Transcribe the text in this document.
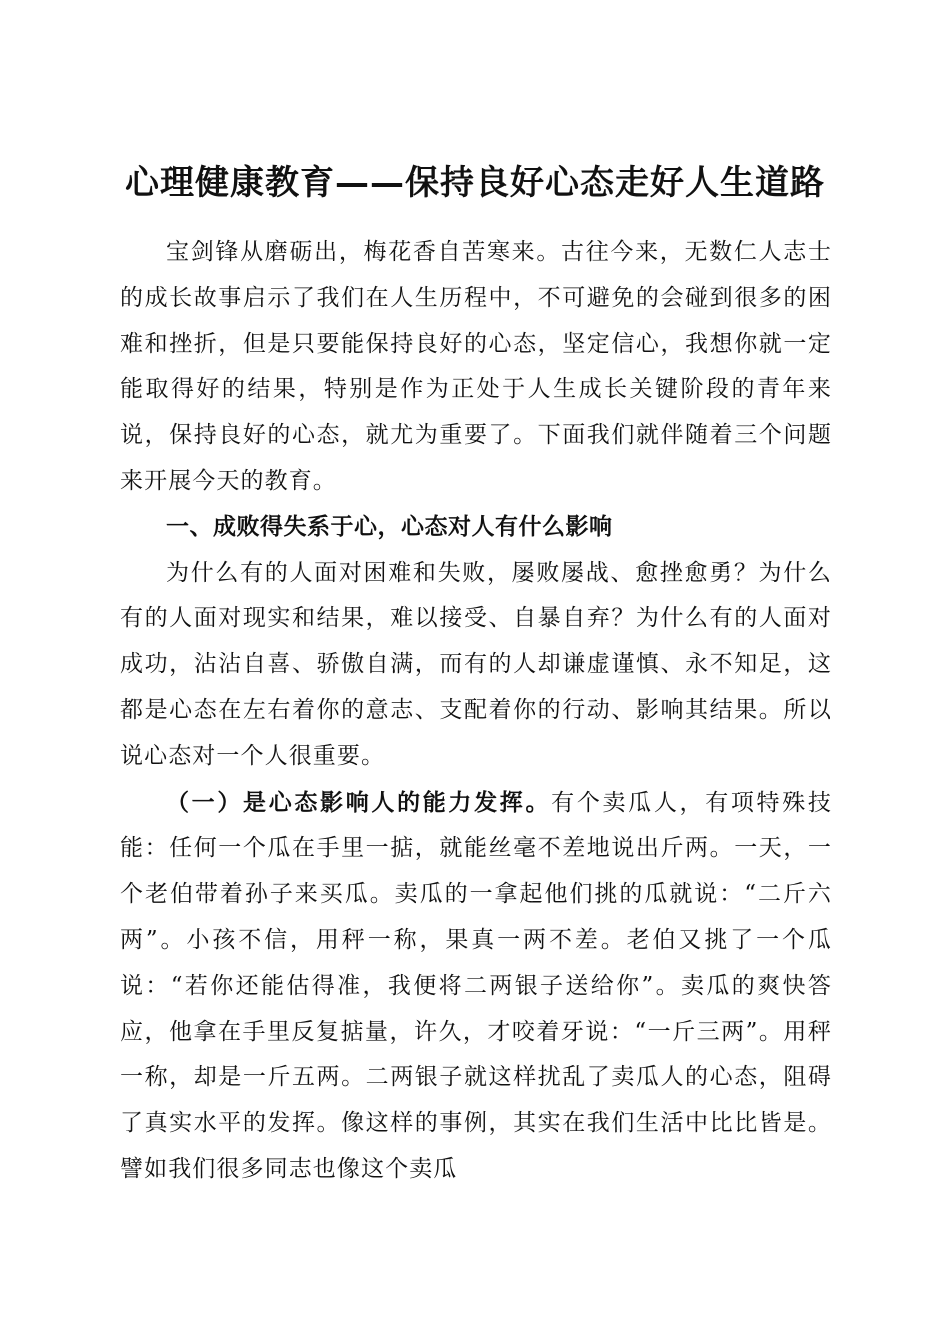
心理健康教育——保持良好心态走好人生道路

宝剑锋从磨砺出，梅花香自苦寒来。古往今来，无数仁人志士的成长故事启示了我们在人生历程中，不可避免的会碰到很多的困难和挫折，但是只要能保持良好的心态，坚定信心，我想你就一定能取得好的结果，特别是作为正处于人生成长关键阶段的青年来说，保持良好的心态，就尤为重要了。下面我们就伴随着三个问题来开展今天的教育。

一、成败得失系于心，心态对人有什么影响

为什么有的人面对困难和失败，屡败屡战、愈挫愈勇？为什么有的人面对现实和结果，难以接受、自暴自弃？为什么有的人面对成功，沾沾自喜、骄傲自满，而有的人却谦虚谨慎、永不知足，这都是心态在左右着你的意志、支配着你的行动、影响其结果。所以说心态对一个人很重要。

（一）是心态影响人的能力发挥。有个卖瓜人，有项特殊技能：任何一个瓜在手里一掂，就能丝毫不差地说出斤两。一天，一个老伯带着孙子来买瓜。卖瓜的一拿起他们挑的瓜就说：“二斤六两”。小孩不信，用秤一称，果真一两不差。老伯又挑了一个瓜说：“若你还能估得准，我便将二两银子送给你”。卖瓜的爽快答应，他拿在手里反复掂量，许久，才咬着牙说：“一斤三两”。用秤一称，却是一斤五两。二两银子就这样扰乱了卖瓜人的心态，阻碍了真实水平的发挥。像这样的事例，其实在我们生活中比比皆是。譬如我们很多同志也像这个卖瓜
